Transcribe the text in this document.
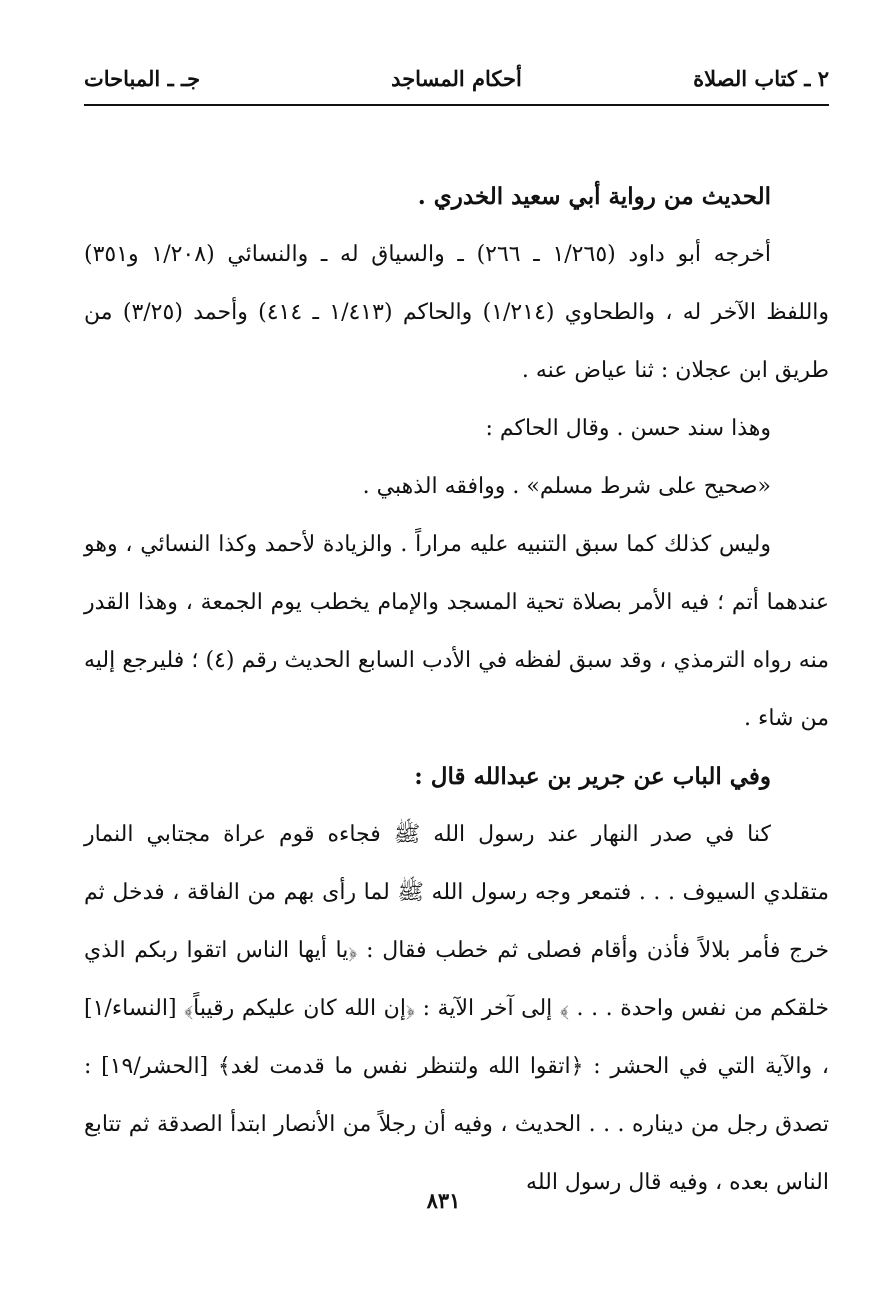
٢ ـ كتاب الصلاة
أحكام المساجد
جـ ـ المباحات

الحديث من رواية أبي سعيد الخدري .

أخرجه أبو داود (١/٢٦٥ ـ ٢٦٦) ـ والسياق له ـ والنسائي (١/٢٠٨ و٣٥١) واللفظ الآخر له ، والطحاوي (١/٢١٤) والحاكم (١/٤١٣ ـ ٤١٤) وأحمد (٣/٢٥) من طريق ابن عجلان : ثنا عياض عنه .

وهذا سند حسن . وقال الحاكم :

«صحيح على شرط مسلم» . ووافقه الذهبي .

وليس كذلك كما سبق التنبيه عليه مراراً . والزيادة لأحمد وكذا النسائي ، وهو عندهما أتم ؛ فيه الأمر بصلاة تحية المسجد والإمام يخطب يوم الجمعة ، وهذا القدر منه رواه الترمذي ، وقد سبق لفظه في الأدب السابع الحديث رقم (٤) ؛ فليرجع إليه من شاء .

وفي الباب عن جرير بن عبدالله قال :

كنا في صدر النهار عند رسول الله ﷺ فجاءه قوم عراة مجتابي النمار متقلدي السيوف . . . فتمعر وجه رسول الله ﷺ لما رأى بهم من الفاقة ، فدخل ثم خرج فأمر بلالاً فأذن وأقام فصلى ثم خطب فقال : ﴿يا أيها الناس اتقوا ربكم الذي خلقكم من نفس واحدة . . . ﴾ إلى آخر الآية : ﴿إن الله كان عليكم رقيباً﴾ [النساء/١] ، والآية التي في الحشر : ﴿اتقوا الله ولتنظر نفس ما قدمت لغد﴾ [الحشر/١٩] : تصدق رجل من ديناره . . . الحديث ، وفيه أن رجلاً من الأنصار ابتدأ الصدقة ثم تتابع الناس بعده ، وفيه قال رسول الله

٨٣١
